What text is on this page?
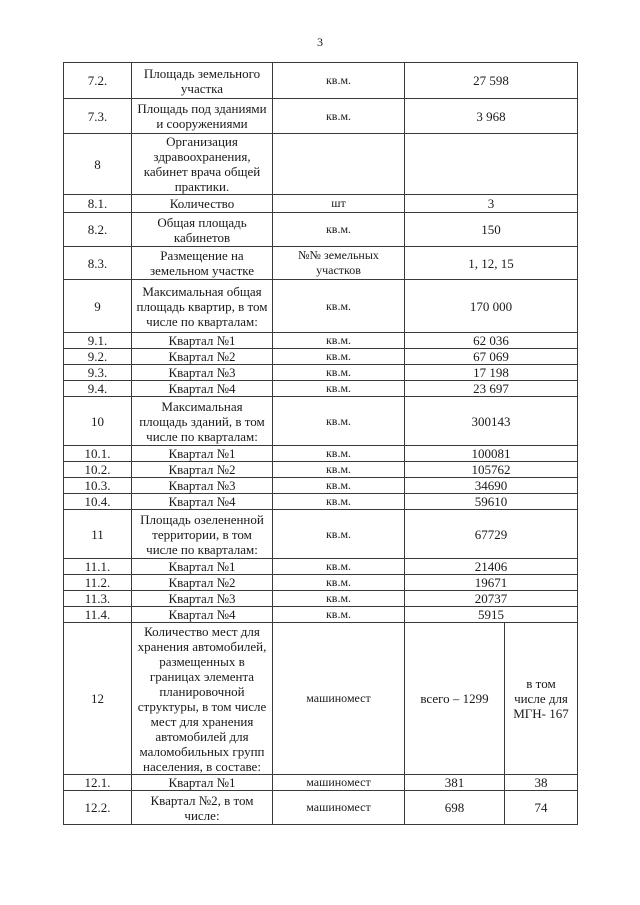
3
7.2.	Площадь земельного участка	кв.м.	27 598	
7.3.	Площадь под зданиями и сооружениями	кв.м.	3 968	
8	Организация здравоохранения, кабинет врача общей практики.			
8.1.	Количество	шт	3	
8.2.	Общая площадь кабинетов	кв.м.	150	
8.3.	Размещение на земельном участке	№№ земельных участков	1, 12, 15	
9	Максимальная общая площадь квартир, в том числе по кварталам:	кв.м.	170 000	
9.1.	Квартал №1	кв.м.	62 036	
9.2.	Квартал №2	кв.м.	67 069	
9.3.	Квартал №3	кв.м.	17 198	
9.4.	Квартал №4	кв.м.	23 697	
10	Максимальная площадь зданий, в том числе по кварталам:	кв.м.	300143	
10.1.	Квартал №1	кв.м.	100081	
10.2.	Квартал №2	кв.м.	105762	
10.3.	Квартал №3	кв.м.	34690	
10.4.	Квартал №4	кв.м.	59610	
11	Площадь озелененной территории, в том числе по кварталам:	кв.м.	67729	
11.1.	Квартал №1	кв.м.	21406	
11.2.	Квартал №2	кв.м.	19671	
11.3.	Квартал №3	кв.м.	20737	
11.4.	Квартал №4	кв.м.	5915	
12	Количество мест для хранения автомобилей, размещенных в границах элемента планировочной структуры, в том числе мест для хранения автомобилей для маломобильных групп населения, в составе:	машиномест	всего – 1299	в том числе для МГН- 167
12.1.	Квартал №1	машиномест	381	38
12.2.	Квартал №2, в том числе:	машиномест	698	74
